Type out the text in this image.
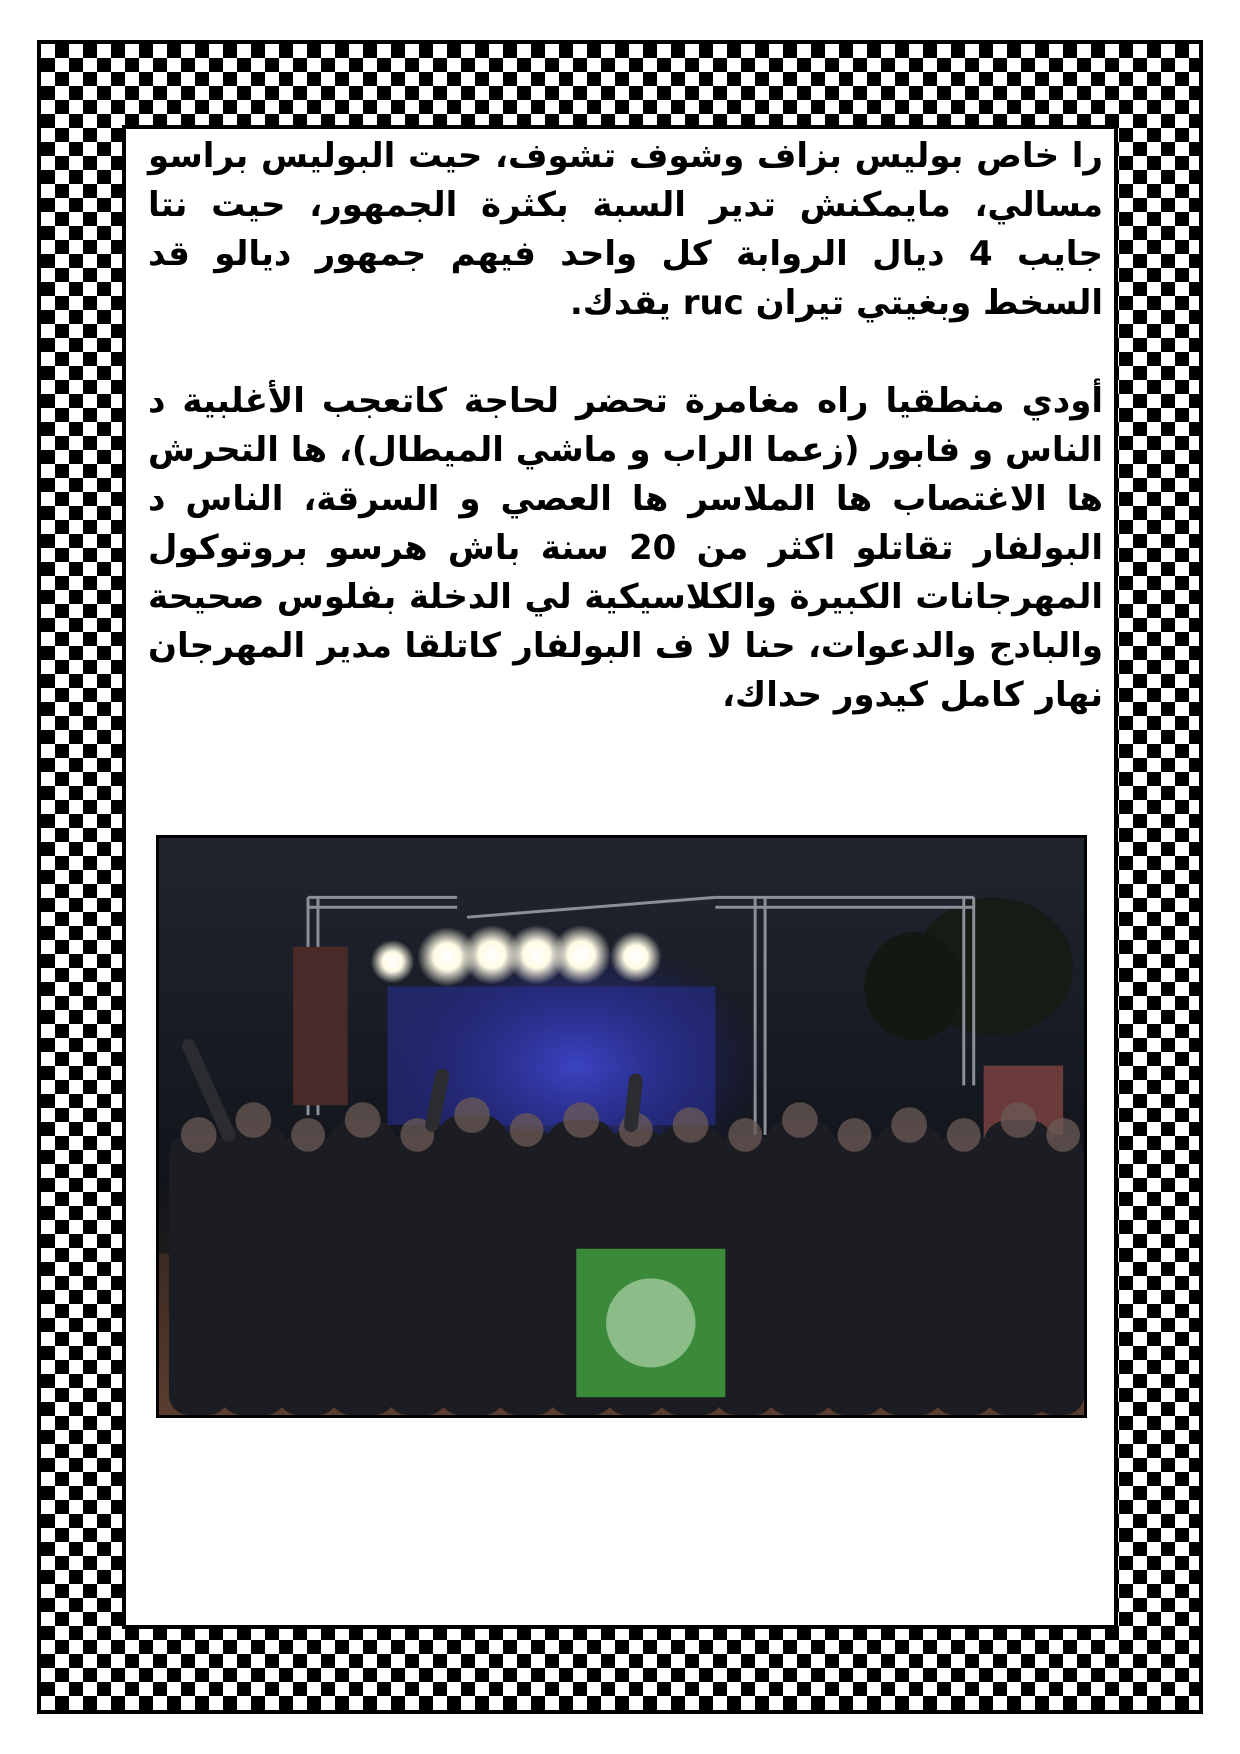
را خاص بوليس بزاف وشوف تشوف، حيت البوليس براسو مسالي، مايمكنش تدير السبة بكثرة الجمهور، حيت نتا جايب 4 ديال الروابة كل واحد فيهم جمهور ديالو قد السخط وبغيتي تيران ruc يقدك.

أودي منطقيا راه مغامرة تحضر لحاجة كاتعجب الأغلبية د الناس و فابور (زعما الراب و ماشي الميطال)، ها التحرش ها الاغتصاب ها الملاسر ها العصي و السرقة، الناس د البولفار تقاتلو اكثر من 20 سنة باش هرسو بروتوكول المهرجانات الكبيرة والكلاسيكية لي الدخلة بفلوس صحيحة والبادج والدعوات، حنا لا ف البولفار كاتلقا مدير المهرجان نهار كامل كيدور حداك،
